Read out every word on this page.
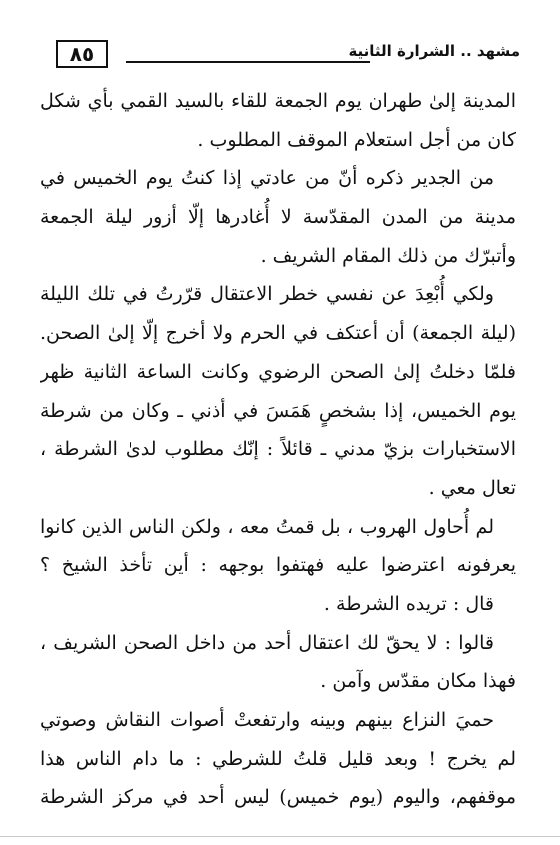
٨٥	مشهد .. الشرارة الثانية
المدينة إلىٰ طهران يوم الجمعة للقاء بالسيد القمي بأي شكل
كان من أجل استعلام الموقف المطلوب .
من الجدير ذكره أنّ من عادتي إذا كنتُ يوم الخميس في
مدينة من المدن المقدّسة لا أُغادرها إلّا أزور ليلة الجمعة
وأتبرّك من ذلك المقام الشريف .
ولكي أُبْعِدَ عن نفسي خطر الاعتقال قرّرتُ في تلك الليلة
(ليلة الجمعة) أن أعتكف في الحرم ولا أخرج إلّا إلىٰ الصحن.
فلمّا دخلتُ إلىٰ الصحن الرضوي وكانت الساعة الثانية ظهر
يوم الخميس، إذا بشخصٍ هَمَسَ في أذني ـ وكان من شرطة
الاستخبارات بزيّ مدني ـ قائلاً : إنّك مطلوب لدىٰ الشرطة ،
تعال معي .
لم أُحاول الهروب ، بل قمتُ معه ، ولكن الناس الذين كانوا
يعرفونه اعترضوا عليه فهتفوا بوجهه : أين تأخذ الشيخ ؟
قال : تريده الشرطة .
قالوا : لا يحقّ لك اعتقال أحد من داخل الصحن الشريف ،
فهذا مكان مقدّس وآمن .
حميَ النزاع بينهم وبينه وارتفعتْ أصوات النقاش وصوتي
لم يخرج ! وبعد قليل قلتُ للشرطي : ما دام الناس هذا
موقفهم، واليوم (يوم خميس) ليس أحد في مركز الشرطة
